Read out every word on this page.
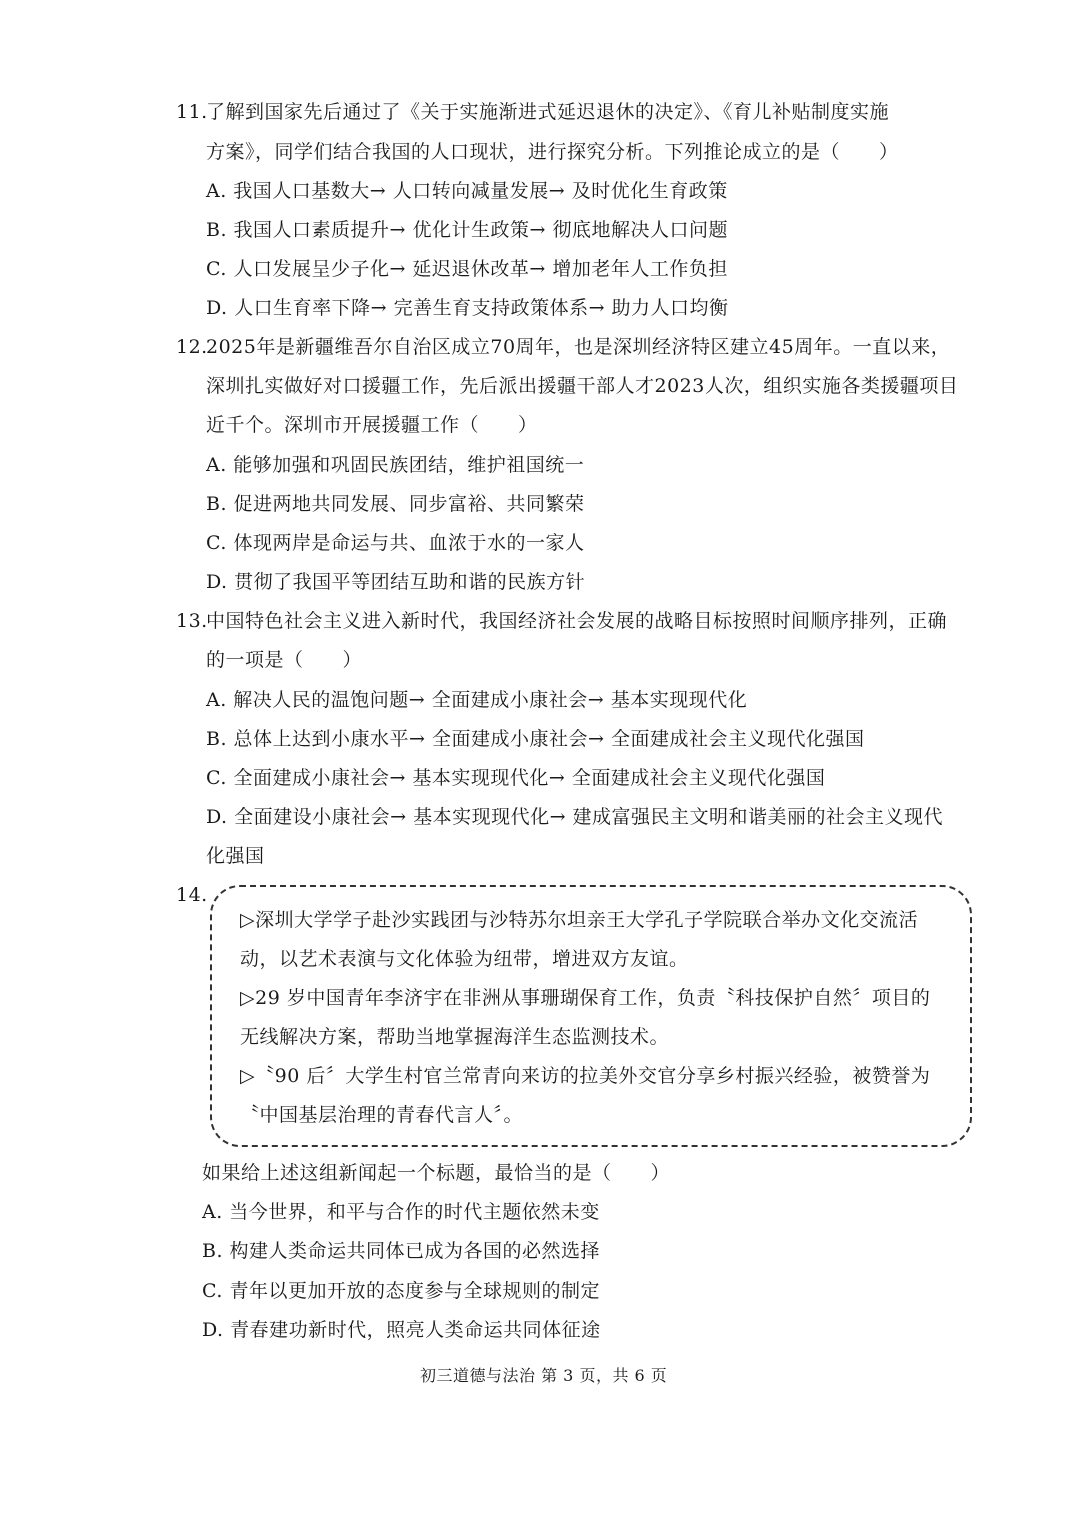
11.
了解到国家先后通过了《关于实施渐进式延迟退休的决定》、《育儿补贴制度实施
方案》，同学们结合我国的人口现状，进行探究分析。下列推论成立的是（　　）
A. 我国人口基数大→ 人口转向减量发展→ 及时优化生育政策
B. 我国人口素质提升→ 优化计生政策→ 彻底地解决人口问题
C. 人口发展呈少子化→ 延迟退休改革→ 增加老年人工作负担
D. 人口生育率下降→ 完善生育支持政策体系→ 助力人口均衡
12.
2025年是新疆维吾尔自治区成立70周年，也是深圳经济特区建立45周年。一直以来，
深圳扎实做好对口援疆工作，先后派出援疆干部人才2023人次，组织实施各类援疆项目
近千个。深圳市开展援疆工作（　　）
A. 能够加强和巩固民族团结，维护祖国统一
B. 促进两地共同发展、同步富裕、共同繁荣
C. 体现两岸是命运与共、血浓于水的一家人
D. 贯彻了我国平等团结互助和谐的民族方针
13.
中国特色社会主义进入新时代，我国经济社会发展的战略目标按照时间顺序排列，正确
的一项是（　　）
A. 解决人民的温饱问题→ 全面建成小康社会→ 基本实现现代化
B. 总体上达到小康水平→ 全面建成小康社会→ 全面建成社会主义现代化强国
C. 全面建成小康社会→ 基本实现现代化→ 全面建成社会主义现代化强国
D. 全面建设小康社会→ 基本实现现代化→ 建成富强民主文明和谐美丽的社会主义现代
化强国
14.
▷深圳大学学子赴沙实践团与沙特苏尔坦亲王大学孔子学院联合举办文化交流活
动，以艺术表演与文化体验为纽带，增进双方友谊。
▷29 岁中国青年李济宇在非洲从事珊瑚保育工作，负责〝科技保护自然〞项目的
无线解决方案，帮助当地掌握海洋生态监测技术。
▷〝90 后〞大学生村官兰常青向来访的拉美外交官分享乡村振兴经验，被赞誉为
〝中国基层治理的青春代言人〞。
如果给上述这组新闻起一个标题，最恰当的是（　　）
A. 当今世界，和平与合作的时代主题依然未变
B. 构建人类命运共同体已成为各国的必然选择
C. 青年以更加开放的态度参与全球规则的制定
D. 青春建功新时代，照亮人类命运共同体征途
初三道德与法治 第 3 页，共 6 页
